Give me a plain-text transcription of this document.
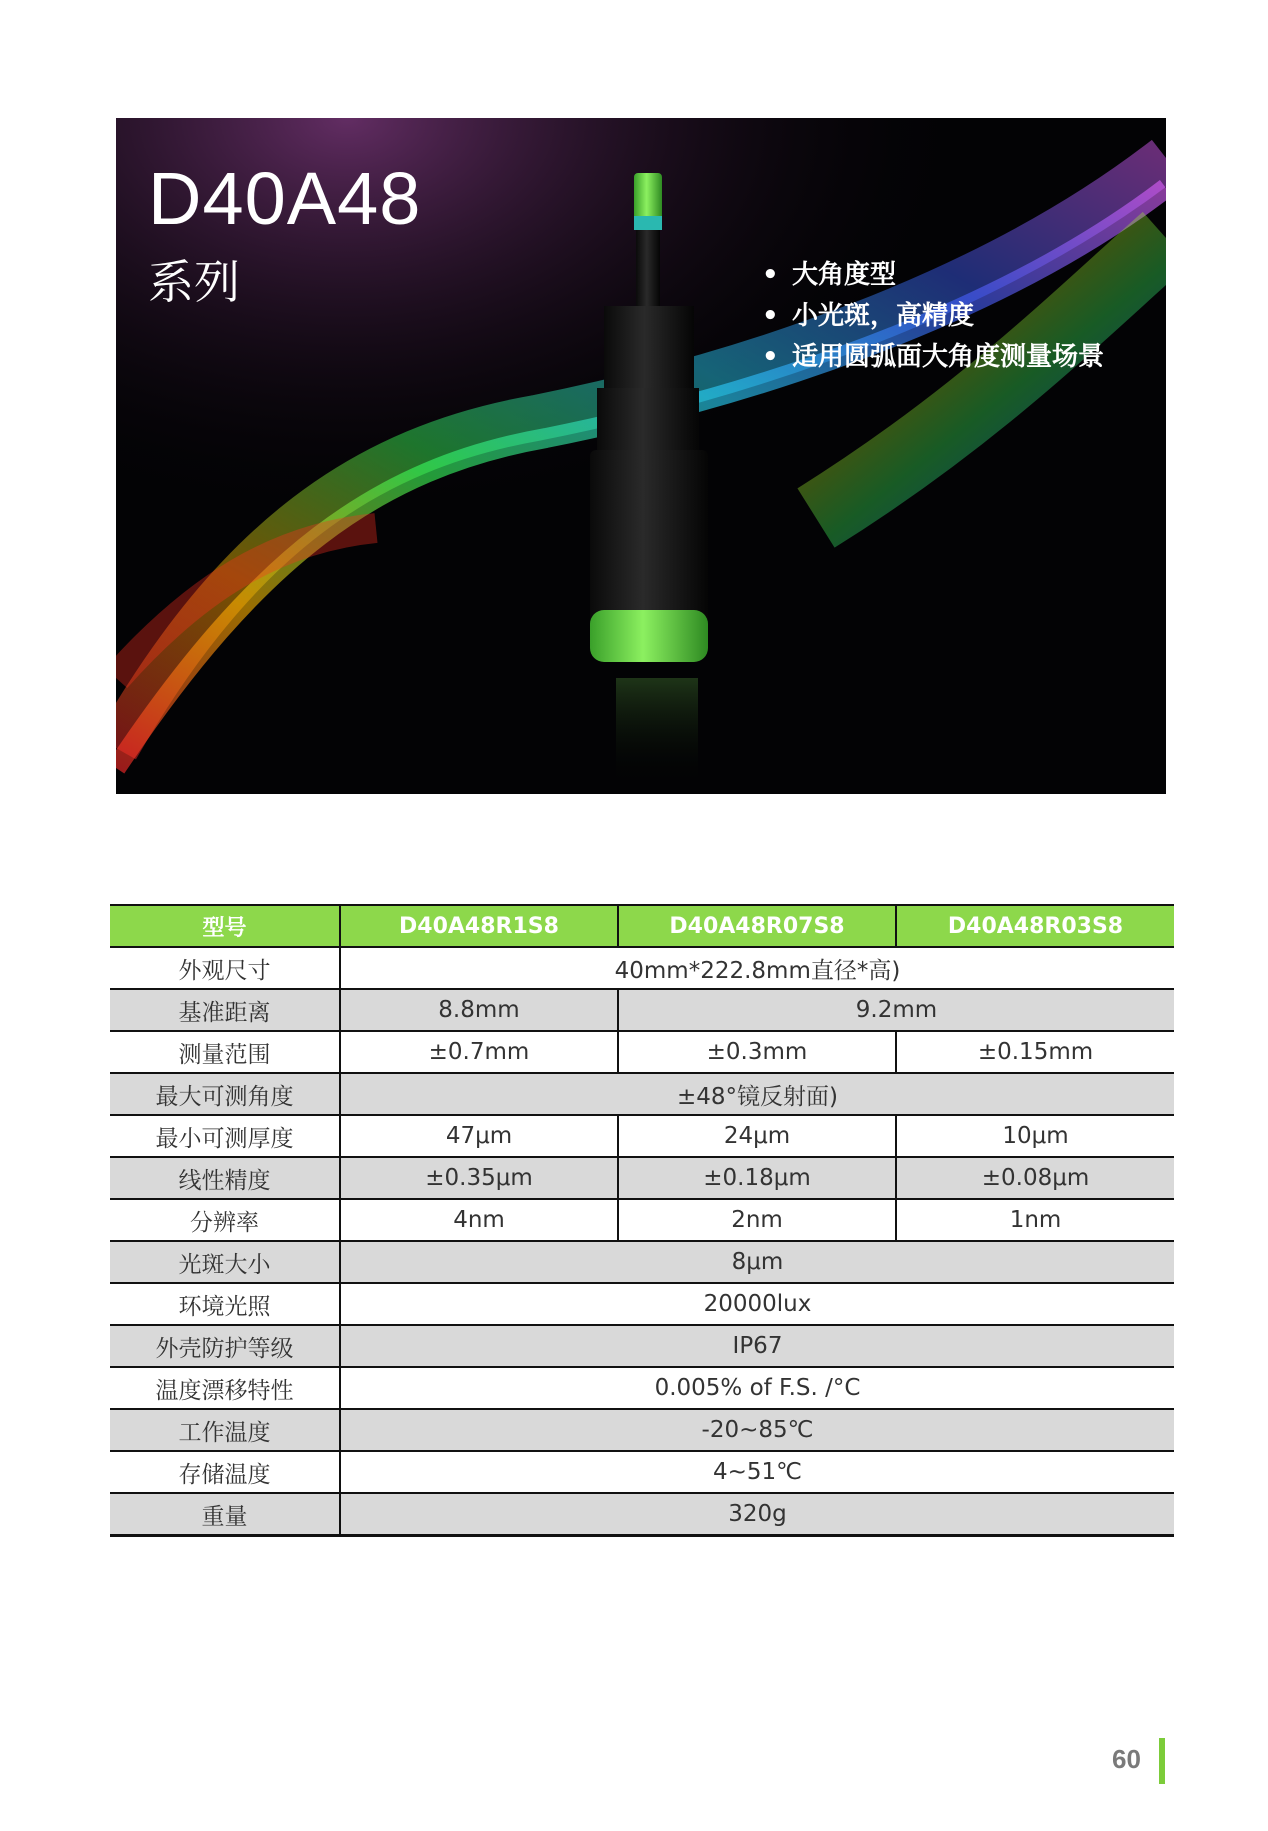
D40A48
系列	• 大角度型
• 小光斑，高精度
• 适用圆弧面大角度测量场景
型号	D40A48R1S8	D40A48R07S8	D40A48R03S8
外观尺寸	40mm*222.8mm直径*高)		
基准距离	8.8mm	9.2mm	
测量范围	±0.7mm	±0.3mm	±0.15mm
最大可测角度	±48°镜反射面)		
最小可测厚度	47μm	24μm	10μm
线性精度	±0.35μm	±0.18μm	±0.08μm
分辨率	4nm	2nm	1nm
光斑大小	8μm		
环境光照	20000lux		
外壳防护等级	IP67		
温度漂移特性	0.005% of F.S. /°C		
工作温度	-20~85℃		
存储温度	4~51℃		
重量	320g		
60
